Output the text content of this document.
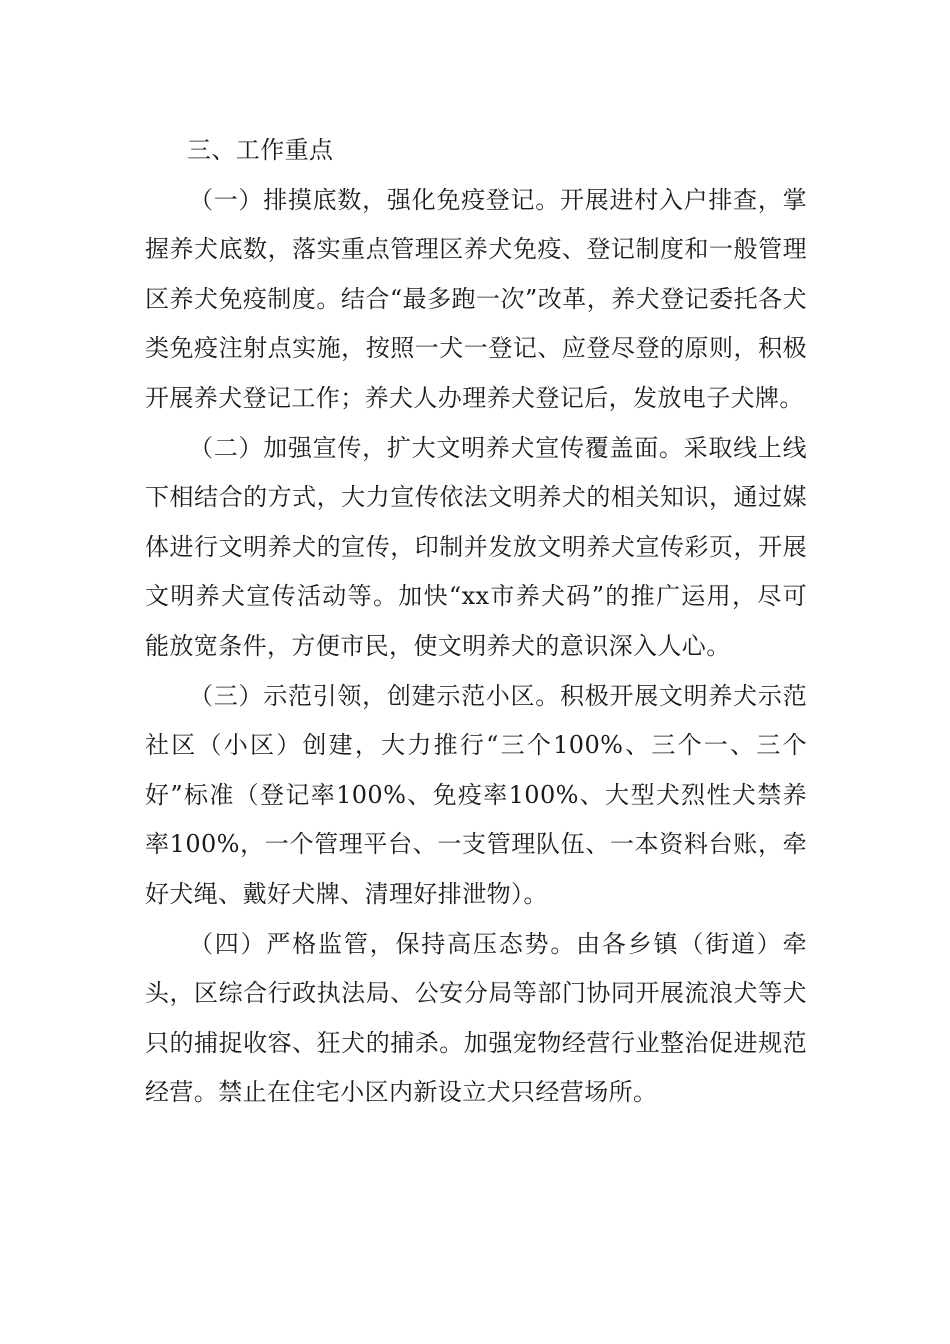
三、工作重点

（一）排摸底数，强化免疫登记。开展进村入户排查，掌握养犬底数，落实重点管理区养犬免疫、登记制度和一般管理区养犬免疫制度。结合“最多跑一次”改革，养犬登记委托各犬类免疫注射点实施，按照一犬一登记、应登尽登的原则，积极开展养犬登记工作；养犬人办理养犬登记后，发放电子犬牌。

（二）加强宣传，扩大文明养犬宣传覆盖面。采取线上线下相结合的方式，大力宣传依法文明养犬的相关知识，通过媒体进行文明养犬的宣传，印制并发放文明养犬宣传彩页，开展文明养犬宣传活动等。加快“xx市养犬码”的推广运用，尽可能放宽条件，方便市民，使文明养犬的意识深入人心。

（三）示范引领，创建示范小区。积极开展文明养犬示范社区（小区）创建，大力推行“三个100%、三个一、三个好”标准（登记率100%、免疫率100%、大型犬烈性犬禁养率100%，一个管理平台、一支管理队伍、一本资料台账，牵好犬绳、戴好犬牌、清理好排泄物）。

（四）严格监管，保持高压态势。由各乡镇（街道）牵头，区综合行政执法局、公安分局等部门协同开展流浪犬等犬只的捕捉收容、狂犬的捕杀。加强宠物经营行业整治促进规范经营。禁止在住宅小区内新设立犬只经营场所。
